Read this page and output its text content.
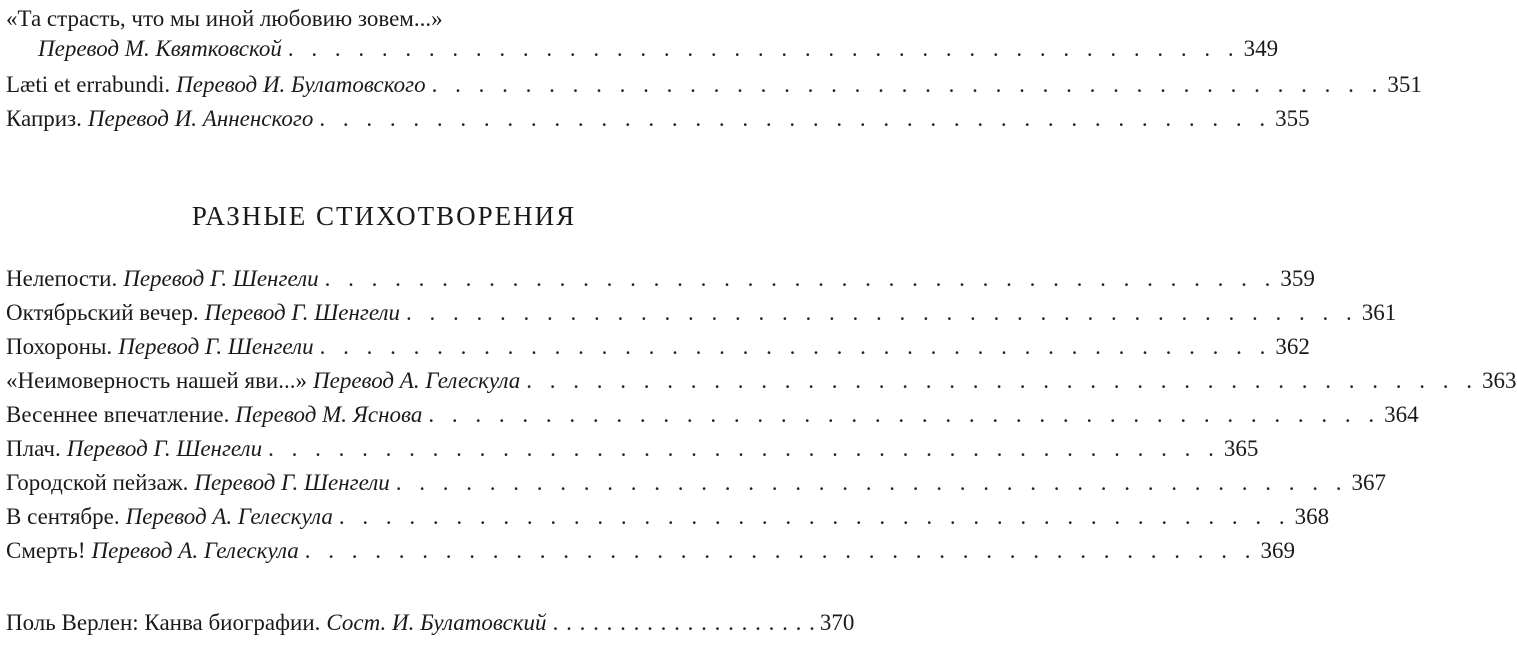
«Та страсть, что мы иной любовию зовем...»
Перевод М. Квятковской . . . . . . . . . . . . . . . . . . . . . . . . . . . . . . . . . . . . . . . . . 349
Læti et errabundi. Перевод И. Булатовского . . . . . . . . . . . . . . . . . . . . . . . . . . . . . . . . . . . . . . . . . 351
Каприз. Перевод И. Анненского . . . . . . . . . . . . . . . . . . . . . . . . . . . . . . . . . . . . . . . . . 355
РАЗНЫЕ СТИХОТВОРЕНИЯ
Нелепости. Перевод Г. Шенгели . . . . . . . . . . . . . . . . . . . . . . . . . . . . . . . . . . . . . . . . . 359
Октябрьский вечер. Перевод Г. Шенгели . . . . . . . . . . . . . . . . . . . . . . . . . . . . . . . . . . . . . . . . . 361
Похороны. Перевод Г. Шенгели . . . . . . . . . . . . . . . . . . . . . . . . . . . . . . . . . . . . . . . . . 362
«Неимоверность нашей яви...» Перевод А. Гелескула . . . . . . . . . . . . . . . . . . . . . . . . . . . . . . . . . . . . . . . . . 363
Весеннее впечатление. Перевод М. Яснова . . . . . . . . . . . . . . . . . . . . . . . . . . . . . . . . . . . . . . . . . 364
Плач. Перевод Г. Шенгели . . . . . . . . . . . . . . . . . . . . . . . . . . . . . . . . . . . . . . . . . 365
Городской пейзаж. Перевод Г. Шенгели . . . . . . . . . . . . . . . . . . . . . . . . . . . . . . . . . . . . . . . . . 367
В сентябре. Перевод А. Гелескула . . . . . . . . . . . . . . . . . . . . . . . . . . . . . . . . . . . . . . . . . 368
Смерть! Перевод А. Гелескула . . . . . . . . . . . . . . . . . . . . . . . . . . . . . . . . . . . . . . . . . 369
Поль Верлен: Канва биографии. Сост. И. Булатовский . . . . . . . . . . . . . . . . . . . . 370
